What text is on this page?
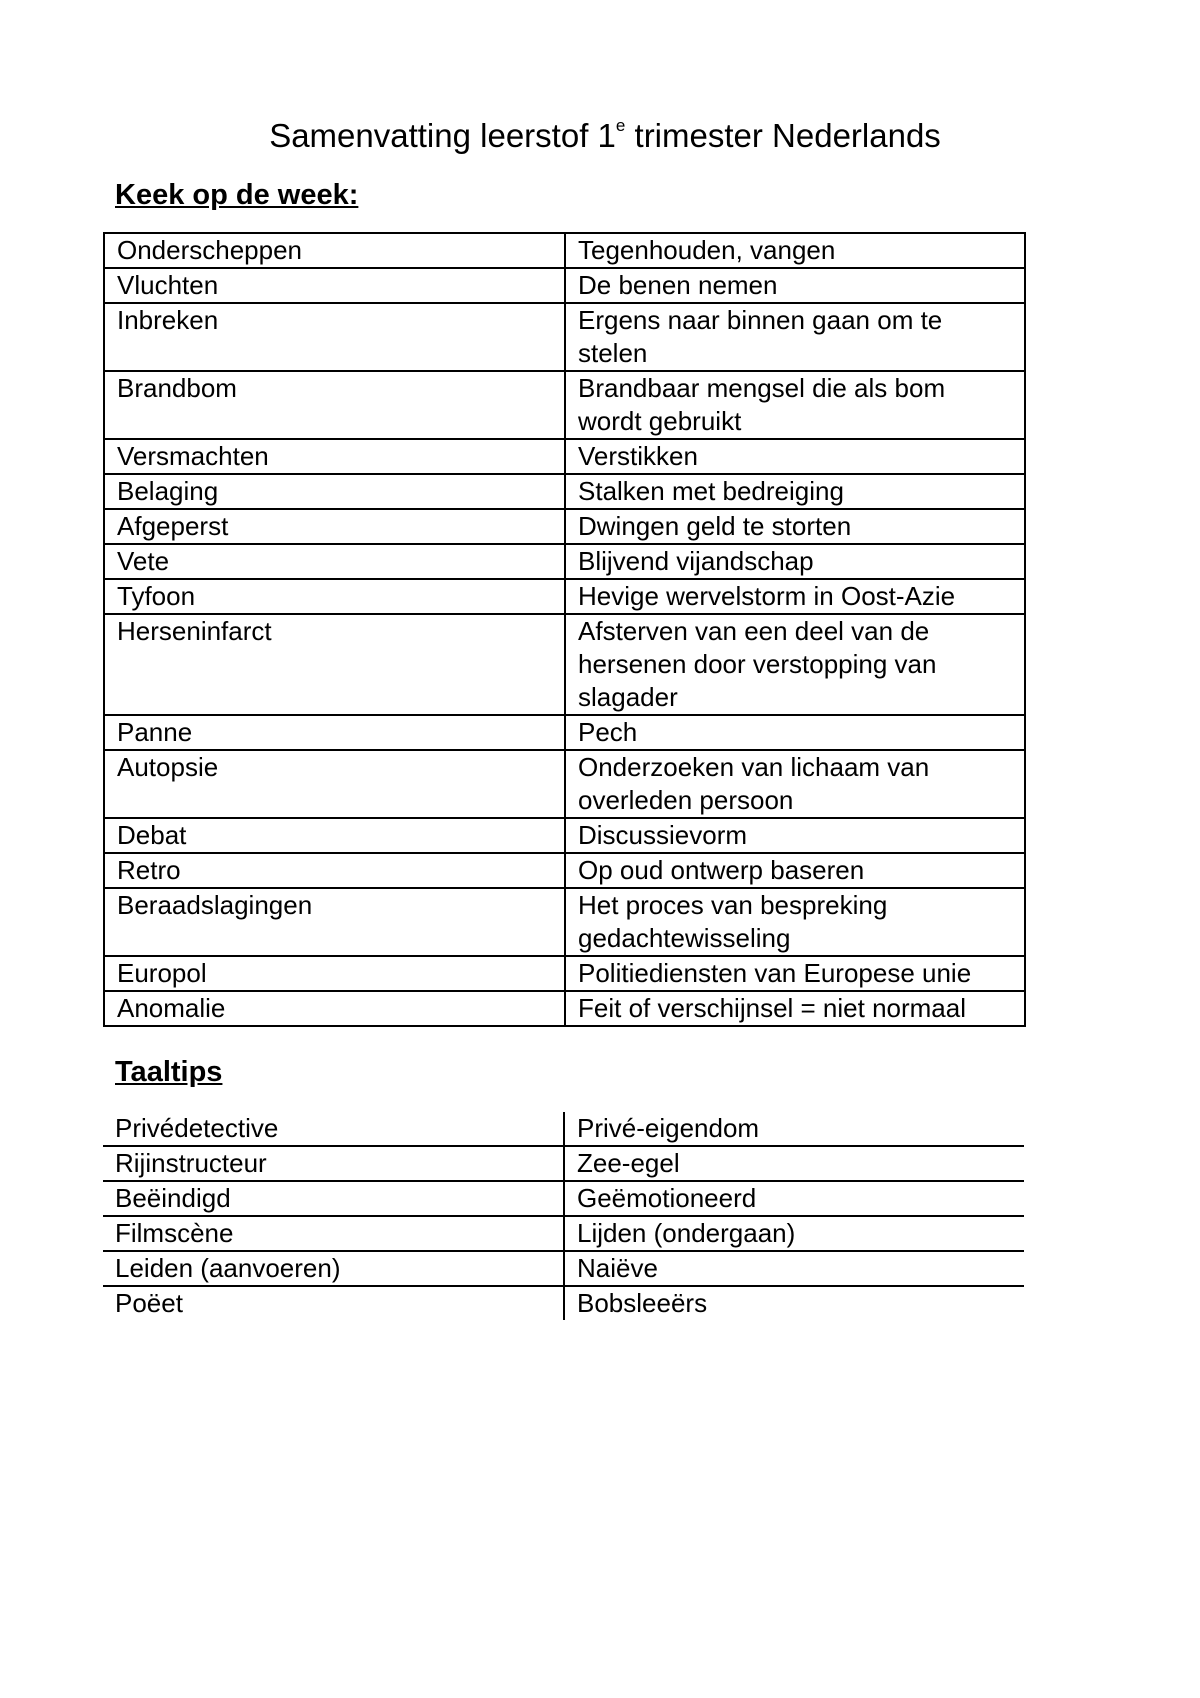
Samenvatting leerstof 1e trimester Nederlands
Keek op de week:
Onderscheppen	Tegenhouden, vangen
Vluchten	De benen nemen
Inbreken	Ergens naar binnen gaan om te stelen
Brandbom	Brandbaar mengsel die als bom wordt gebruikt
Versmachten	Verstikken
Belaging	Stalken met bedreiging
Afgeperst	Dwingen geld te storten
Vete	Blijvend vijandschap
Tyfoon	Hevige wervelstorm in Oost-Azie
Herseninfarct	Afsterven van een deel van de hersenen door verstopping van slagader
Panne	Pech
Autopsie	Onderzoeken van lichaam van overleden persoon
Debat	Discussievorm
Retro	Op oud ontwerp baseren
Beraadslagingen	Het proces van bespreking gedachtewisseling
Europol	Politiediensten van Europese unie
Anomalie	Feit of verschijnsel = niet normaal
Taaltips
Privédetective	Privé-eigendom
Rijinstructeur	Zee-egel
Beëindigd	Geëmotioneerd
Filmscène	Lijden (ondergaan)
Leiden (aanvoeren)	Naiëve
Poëet	Bobsleeërs
